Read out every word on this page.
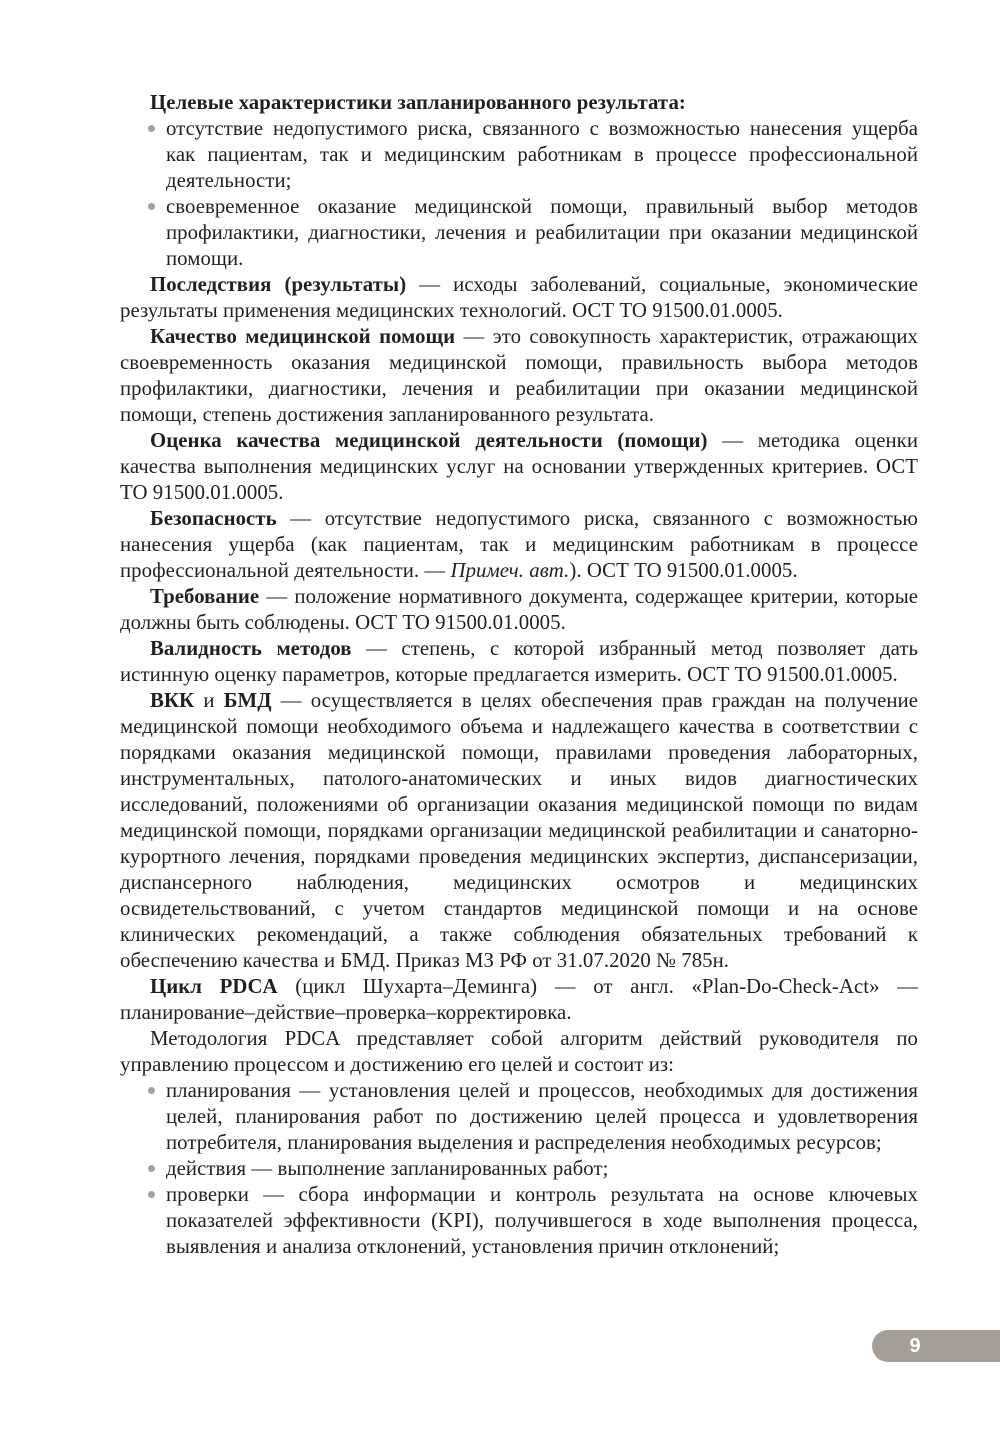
Целевые характеристики запланированного результата:

отсутствие недопустимого риска, связанного с возможностью нанесения ущерба как пациентам, так и медицинским работникам в процессе профессиональной деятельности;
своевременное оказание медицинской помощи, правильный выбор методов профилактики, диагностики, лечения и реабилитации при оказании медицинской помощи.

Последствия (результаты) — исходы заболеваний, социальные, экономические результаты применения медицинских технологий. ОСТ ТО 91500.01.0005.

Качество медицинской помощи — это совокупность характеристик, отражающих своевременность оказания медицинской помощи, правильность выбора методов профилактики, диагностики, лечения и реабилитации при оказании медицинской помощи, степень достижения запланированного результата.

Оценка качества медицинской деятельности (помощи) — методика оценки качества выполнения медицинских услуг на основании утвержденных критериев. ОСТ ТО 91500.01.0005.

Безопасность — отсутствие недопустимого риска, связанного с возможностью нанесения ущерба (как пациентам, так и медицинским работникам в процессе профессиональной деятельности. — Примеч. авт.). ОСТ ТО 91500.01.0005.

Требование — положение нормативного документа, содержащее критерии, которые должны быть соблюдены. ОСТ ТО 91500.01.0005.

Валидность методов — степень, с которой избранный метод позволяет дать истинную оценку параметров, которые предлагается измерить. ОСТ ТО 91500.01.0005.

ВКК и БМД — осуществляется в целях обеспечения прав граждан на получение медицинской помощи необходимого объема и надлежащего качества в соответствии с порядками оказания медицинской помощи, правилами проведения лабораторных, инструментальных, патолого-анатомических и иных видов диагностических исследований, положениями об организации оказания медицинской помощи по видам медицинской помощи, порядками организации медицинской реабилитации и санаторно-курортного лечения, порядками проведения медицинских экспертиз, диспансеризации, диспансерного наблюдения, медицинских осмотров и медицинских освидетельствований, с учетом стандартов медицинской помощи и на основе клинических рекомендаций, а также соблюдения обязательных требований к обеспечению качества и БМД. Приказ МЗ РФ от 31.07.2020 № 785н.

Цикл PDCA (цикл Шухарта–Деминга) — от англ. «Plan-Do-Check-Act» — планирование–действие–проверка–корректировка.

Методология PDCA представляет собой алгоритм действий руководителя по управлению процессом и достижению его целей и состоит из:

планирования — установления целей и процессов, необходимых для достижения целей, планирования работ по достижению целей процесса и удовлетворения потребителя, планирования выделения и распределения необходимых ресурсов;
действия — выполнение запланированных работ;
проверки — сбора информации и контроль результата на основе ключевых показателей эффективности (KPI), получившегося в ходе выполнения процесса, выявления и анализа отклонений, установления причин отклонений;
9
